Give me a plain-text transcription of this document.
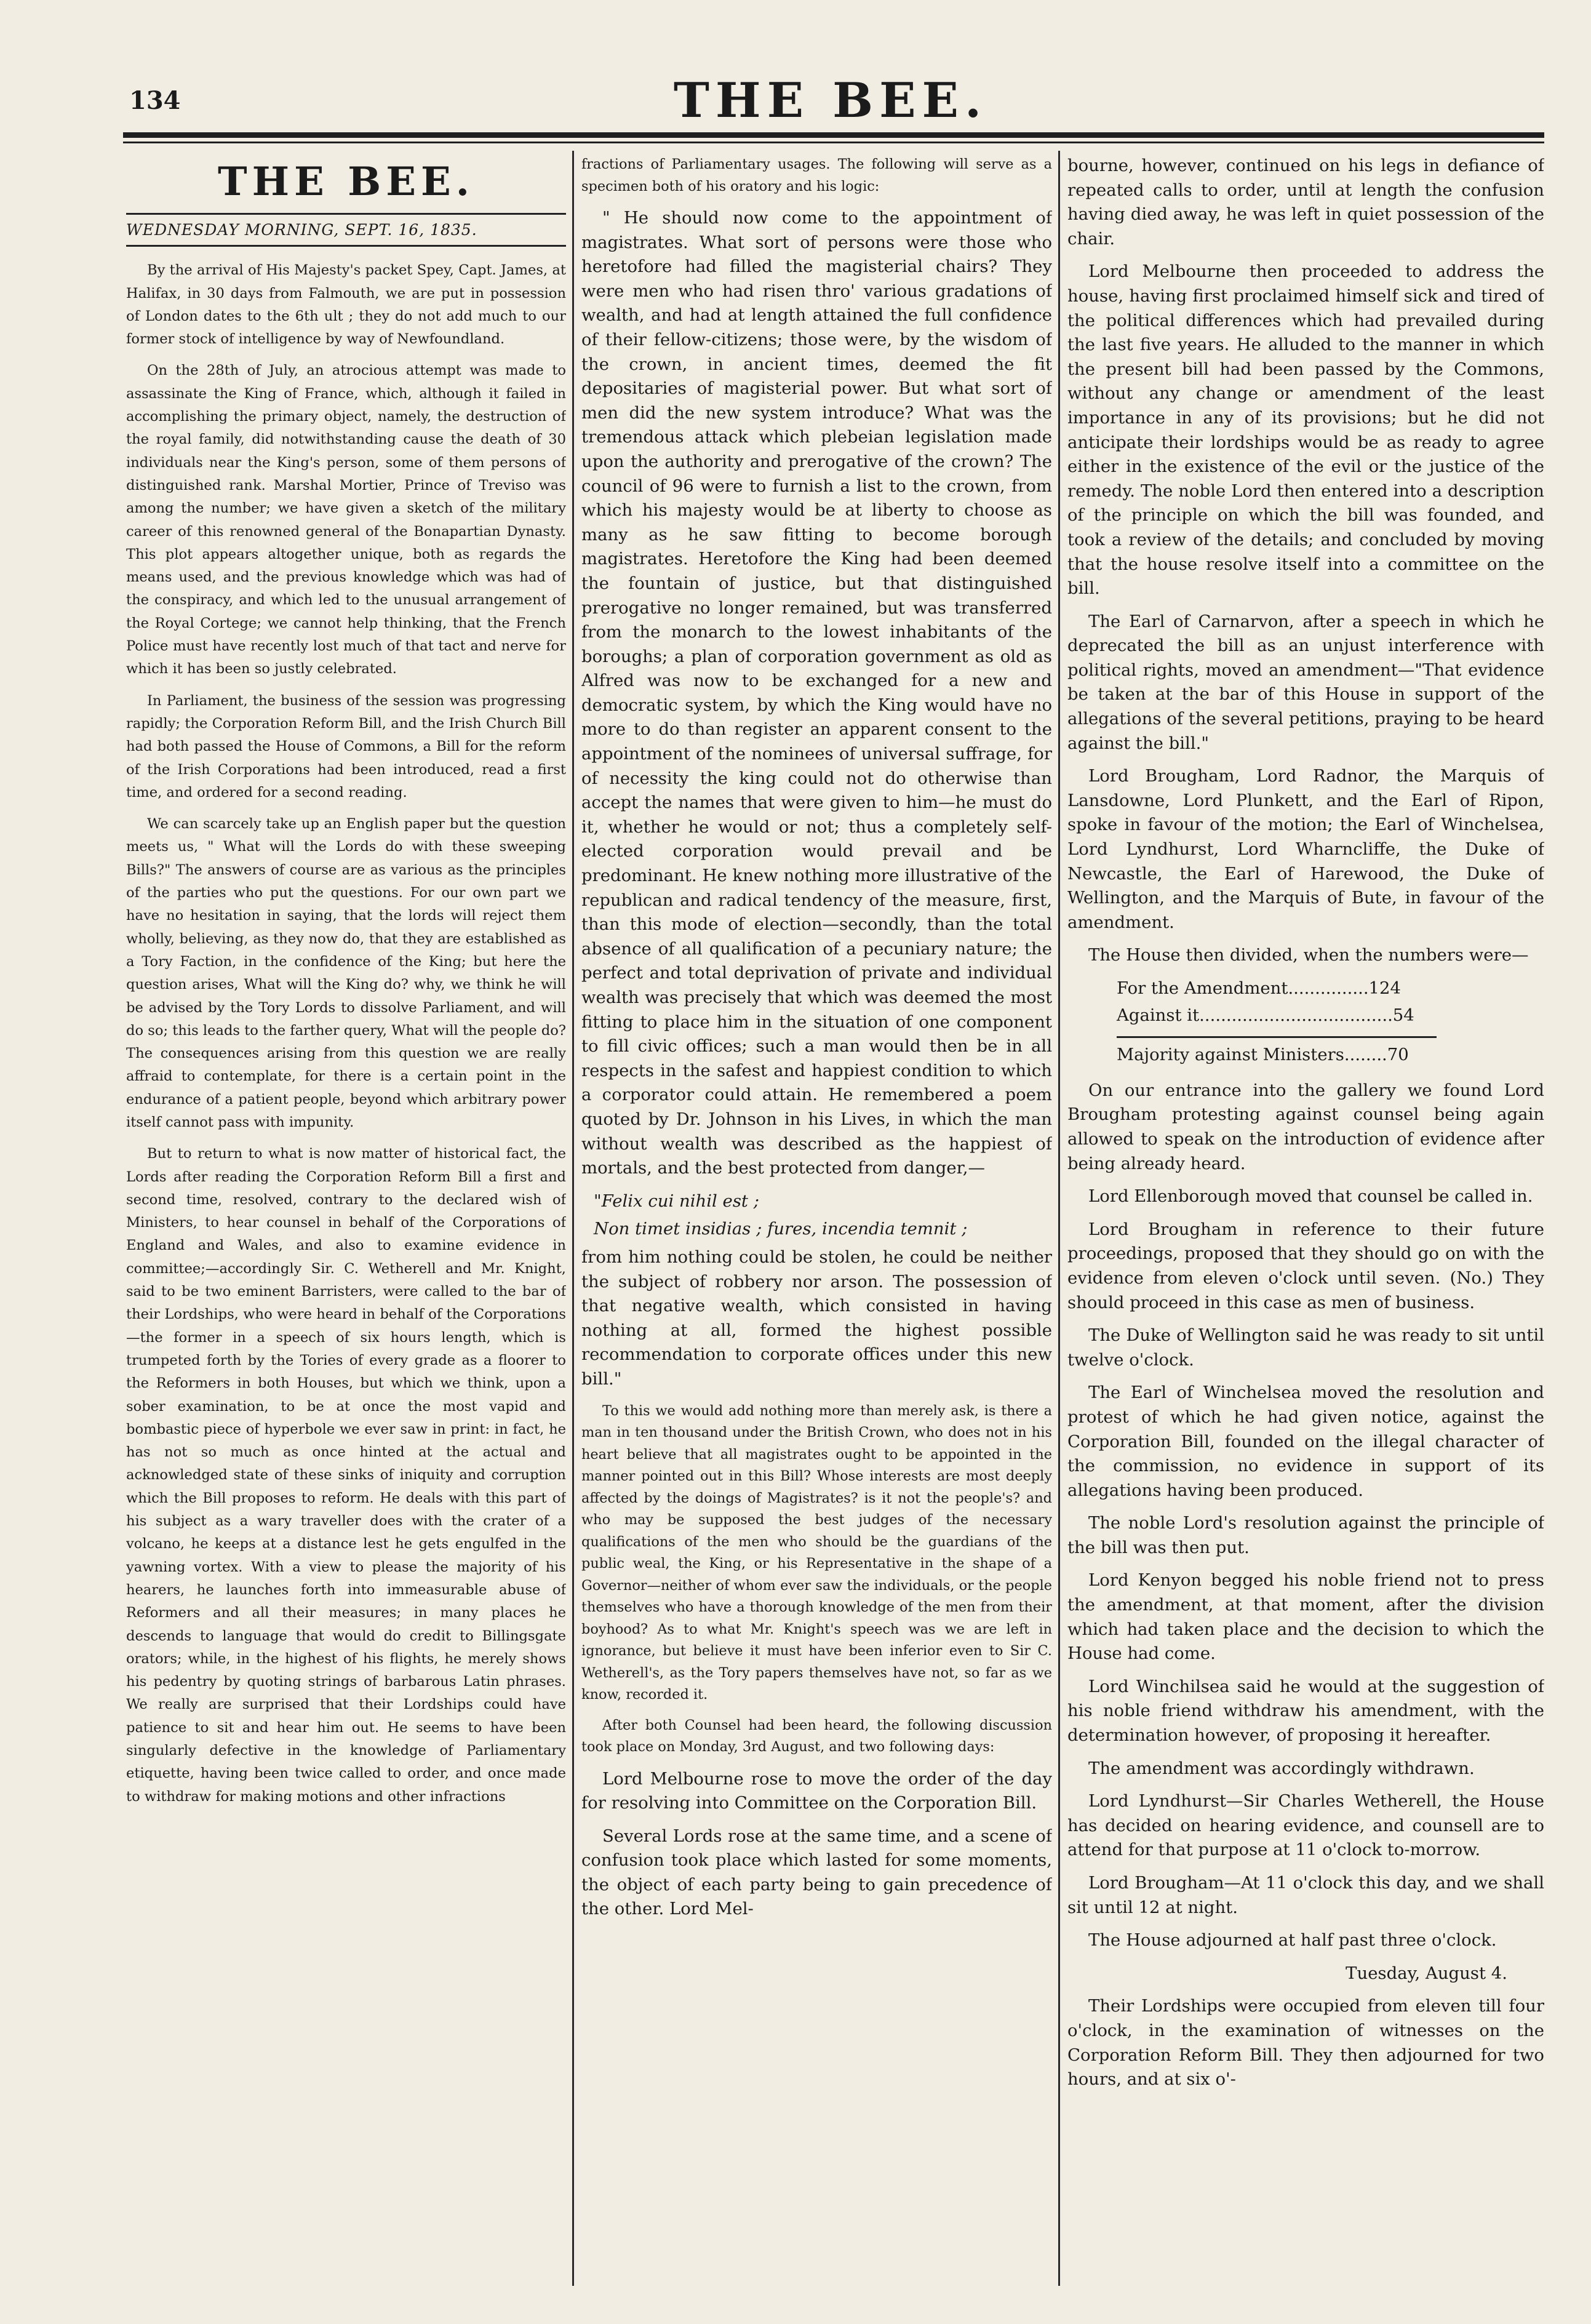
134	THE BEE.

THE BEE.

WEDNESDAY MORNING, SEPT. 16, 1835.

By the arrival of His Majesty's packet Spey, Capt. James, at Halifax, in 30 days from Falmouth, we are put in possession of London dates to the 6th ult ; they do not add much to our former stock of intelligence by way of Newfoundland.

On the 28th of July, an atrocious attempt was made to assassinate the King of France, which, although it failed in accomplishing the primary object, namely, the destruction of the royal family, did notwithstanding cause the death of 30 individuals near the King's person, some of them persons of distinguished rank. Marshal Mortier, Prince of Treviso was among the number; we have given a sketch of the military career of this renowned general of the Bonapartian Dynasty. This plot appears altogether unique, both as regards the means used, and the previous knowledge which was had of the conspiracy, and which led to the unusual arrangement of the Royal Cortege; we cannot help thinking, that the French Police must have recently lost much of that tact and nerve for which it has been so justly celebrated.

In Parliament, the business of the session was progressing rapidly; the Corporation Reform Bill, and the Irish Church Bill had both passed the House of Commons, a Bill for the reform of the Irish Corporations had been introduced, read a first time, and ordered for a second reading.

We can scarcely take up an English paper but the question meets us, " What will the Lords do with these sweeping Bills?" The answers of course are as various as the principles of the parties who put the questions. For our own part we have no hesitation in saying, that the lords will reject them wholly, believing, as they now do, that they are established as a Tory Faction, in the confidence of the King; but here the question arises, What will the King do? why, we think he will be advised by the Tory Lords to dissolve Parliament, and will do so; this leads to the farther query, What will the people do? The consequences arising from this question we are really affraid to contemplate, for there is a certain point in the endurance of a patient people, beyond which arbitrary power itself cannot pass with impunity.

But to return to what is now matter of historical fact, the Lords after reading the Corporation Reform Bill a first and second time, resolved, contrary to the declared wish of Ministers, to hear counsel in behalf of the Corporations of England and Wales, and also to examine evidence in committee;—accordingly Sir. C. Wetherell and Mr. Knight, said to be two eminent Barristers, were called to the bar of their Lordships, who were heard in behalf of the Corporations—the former in a speech of six hours length, which is trumpeted forth by the Tories of every grade as a floorer to the Reformers in both Houses, but which we think, upon a sober examination, to be at once the most vapid and bombastic piece of hyperbole we ever saw in print: in fact, he has not so much as once hinted at the actual and acknowledged state of these sinks of iniquity and corruption which the Bill proposes to reform. He deals with this part of his subject as a wary traveller does with the crater of a volcano, he keeps at a distance lest he gets engulfed in the yawning vortex. With a view to please the majority of his hearers, he launches forth into immeasurable abuse of Reformers and all their measures; in many places he descends to language that would do credit to Billingsgate orators; while, in the highest of his flights, he merely shows his pedentry by quoting strings of barbarous Latin phrases. We really are surprised that their Lordships could have patience to sit and hear him out. He seems to have been singularly defective in the knowledge of Parliamentary etiquette, having been twice called to order, and once made to withdraw for making motions and other infractions

fractions of Parliamentary usages. The following will serve as a specimen both of his oratory and his logic:

" He should now come to the appointment of magistrates. What sort of persons were those who heretofore had filled the magisterial chairs? They were men who had risen thro' various gradations of wealth, and had at length attained the full confidence of their fellow-citizens; those were, by the wisdom of the crown, in ancient times, deemed the fit depositaries of magisterial power. But what sort of men did the new system introduce? What was the tremendous attack which plebeian legislation made upon the authority and prerogative of the crown? The council of 96 were to furnish a list to the crown, from which his majesty would be at liberty to choose as many as he saw fitting to become borough magistrates. Heretofore the King had been deemed the fountain of justice, but that distinguished prerogative no longer remained, but was transferred from the monarch to the lowest inhabitants of the boroughs; a plan of corporation government as old as Alfred was now to be exchanged for a new and democratic system, by which the King would have no more to do than register an apparent consent to the appointment of the nominees of universal suffrage, for of necessity the king could not do otherwise than accept the names that were given to him—he must do it, whether he would or not; thus a completely self-elected corporation would prevail and be predominant. He knew nothing more illustrative of the republican and radical tendency of the measure, first, than this mode of election—secondly, than the total absence of all qualification of a pecuniary nature; the perfect and total deprivation of private and individual wealth was precisely that which was deemed the most fitting to place him in the situation of one component to fill civic offices; such a man would then be in all respects in the safest and happiest condition to which a corporator could attain. He remembered a poem quoted by Dr. Johnson in his Lives, in which the man without wealth was described as the happiest of mortals, and the best protected from danger,—

"Felix cui nihil est ;

Non timet insidias ; fures, incendia temnit ;

from him nothing could be stolen, he could be neither the subject of robbery nor arson. The possession of that negative wealth, which consisted in having nothing at all, formed the highest possible recommendation to corporate offices under this new bill."

To this we would add nothing more than merely ask, is there a man in ten thousand under the British Crown, who does not in his heart believe that all magistrates ought to be appointed in the manner pointed out in this Bill? Whose interests are most deeply affected by the doings of Magistrates? is it not the people's? and who may be supposed the best judges of the necessary qualifications of the men who should be the guardians of the public weal, the King, or his Representative in the shape of a Governor—neither of whom ever saw the individuals, or the people themselves who have a thorough knowledge of the men from their boyhood? As to what Mr. Knight's speech was we are left in ignorance, but believe it must have been inferior even to Sir C. Wetherell's, as the Tory papers themselves have not, so far as we know, recorded it.

After both Counsel had been heard, the following discussion took place on Monday, 3rd August, and two following days:

Lord Melbourne rose to move the order of the day for resolving into Committee on the Corporation Bill.

Several Lords rose at the same time, and a scene of confusion took place which lasted for some moments, the object of each party being to gain precedence of the other. Lord Mel-

bourne, however, continued on his legs in defiance of repeated calls to order, until at length the confusion having died away, he was left in quiet possession of the chair.

Lord Melbourne then proceeded to address the house, having first proclaimed himself sick and tired of the political differences which had prevailed during the last five years. He alluded to the manner in which the present bill had been passed by the Commons, without any change or amendment of the least importance in any of its provisions; but he did not anticipate their lordships would be as ready to agree either in the existence of the evil or the justice of the remedy. The noble Lord then entered into a description of the principle on which the bill was founded, and took a review of the details; and concluded by moving that the house resolve itself into a committee on the bill.

The Earl of Carnarvon, after a speech in which he deprecated the bill as an unjust interference with political rights, moved an amendment—"That evidence be taken at the bar of this House in support of the allegations of the several petitions, praying to be heard against the bill."

Lord Brougham, Lord Radnor, the Marquis of Lansdowne, Lord Plunkett, and the Earl of Ripon, spoke in favour of the motion; the Earl of Winchelsea, Lord Lyndhurst, Lord Wharncliffe, the Duke of Newcastle, the Earl of Harewood, the Duke of Wellington, and the Marquis of Bute, in favour of the amendment.

The House then divided, when the numbers were—

For the Amendment...............124

Against it....................................54

Majority against Ministers........70

On our entrance into the gallery we found Lord Brougham protesting against counsel being again allowed to speak on the introduction of evidence after being already heard.

Lord Ellenborough moved that counsel be called in.

Lord Brougham in reference to their future proceedings, proposed that they should go on with the evidence from eleven o'clock until seven. (No.) They should proceed in this case as men of business.

The Duke of Wellington said he was ready to sit until twelve o'clock.

The Earl of Winchelsea moved the resolution and protest of which he had given notice, against the Corporation Bill, founded on the illegal character of the commission, no evidence in support of its allegations having been produced.

The noble Lord's resolution against the principle of the bill was then put.

Lord Kenyon begged his noble friend not to press the amendment, at that moment, after the division which had taken place and the decision to which the House had come.

Lord Winchilsea said he would at the suggestion of his noble friend withdraw his amendment, with the determination however, of proposing it hereafter.

The amendment was accordingly withdrawn.

Lord Lyndhurst—Sir Charles Wetherell, the House has decided on hearing evidence, and counsell are to attend for that purpose at 11 o'clock to-morrow.

Lord Brougham—At 11 o'clock this day, and we shall sit until 12 at night.

The House adjourned at half past three o'clock.

Tuesday, August 4.

Their Lordships were occupied from eleven till four o'clock, in the examination of witnesses on the Corporation Reform Bill. They then adjourned for two hours, and at six o'-
